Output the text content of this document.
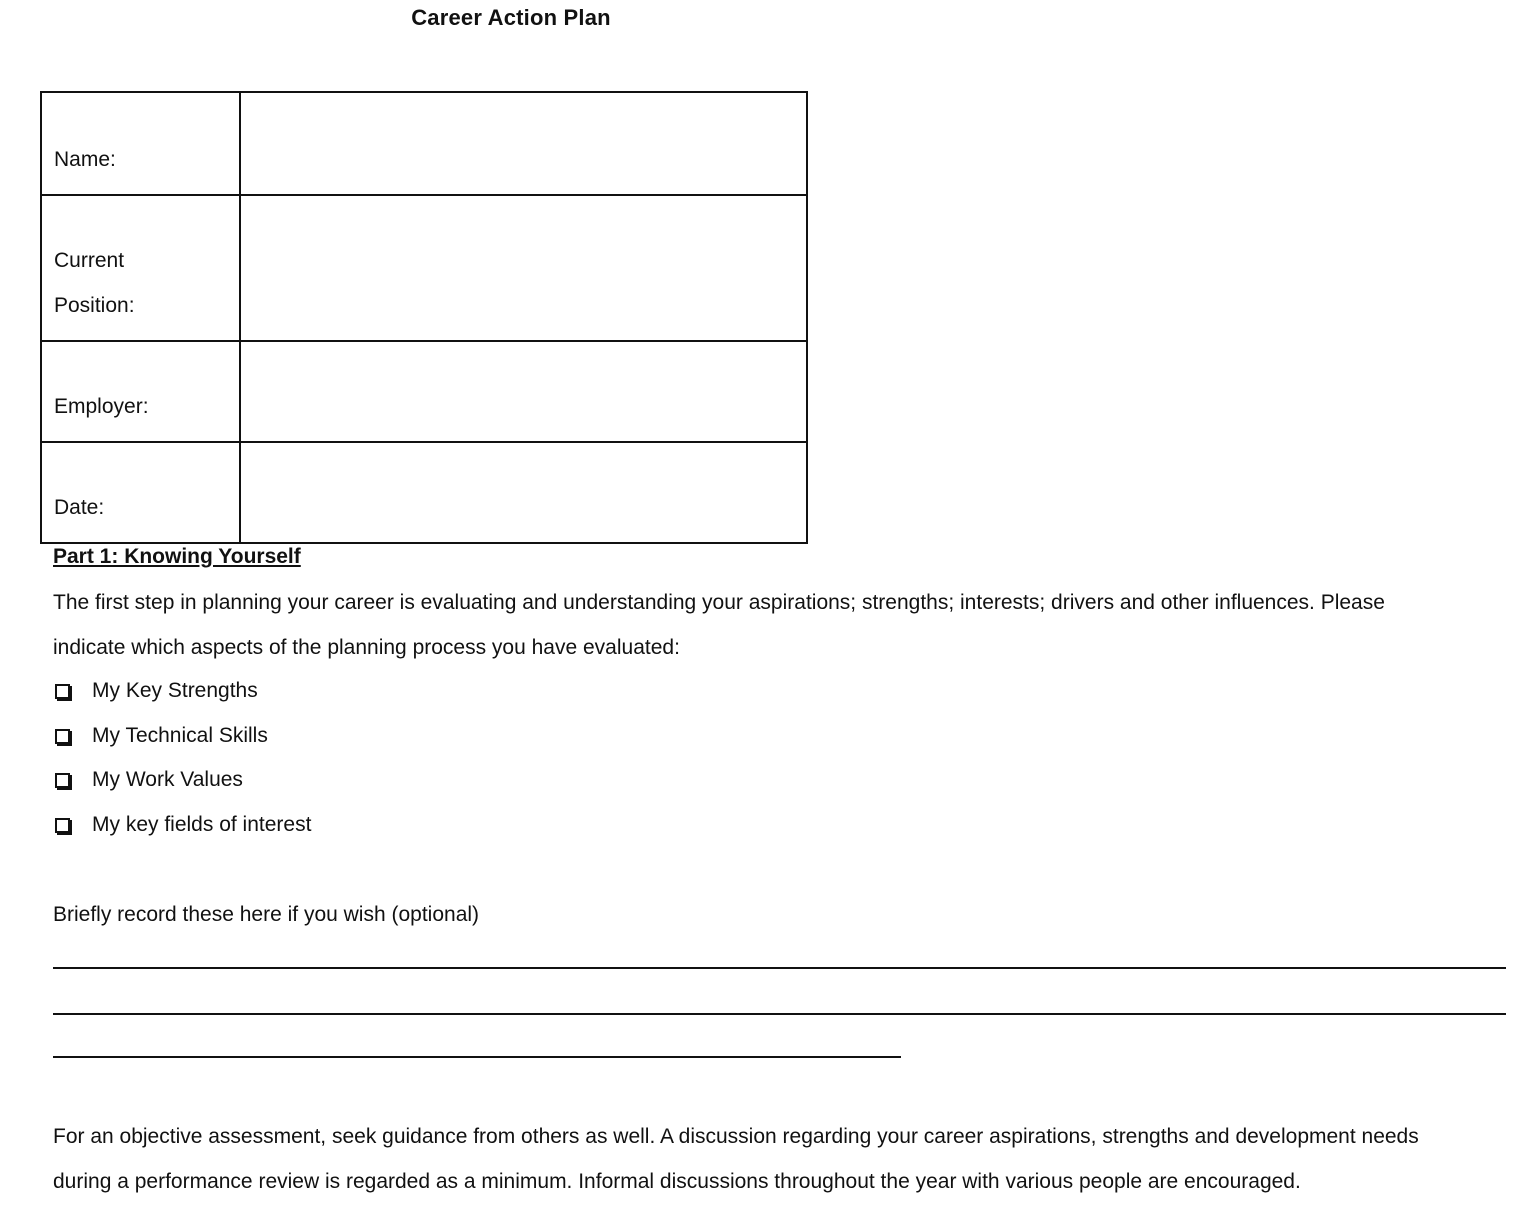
Career Action Plan
Name:	

Current
Position:	

Employer:	
Date:	
Part 1: Knowing Yourself
The first step in planning your career is evaluating and understanding your aspirations; strengths; interests; drivers and other influences. Please
indicate which aspects of the planning process you have evaluated:
My Key Strengths
My Technical Skills
My Work Values
My key fields of interest
Briefly record these here if you wish (optional)
For an objective assessment, seek guidance from others as well. A discussion regarding your career aspirations, strengths and development needs
during a performance review is regarded as a minimum. Informal discussions throughout the year with various people are encouraged.
